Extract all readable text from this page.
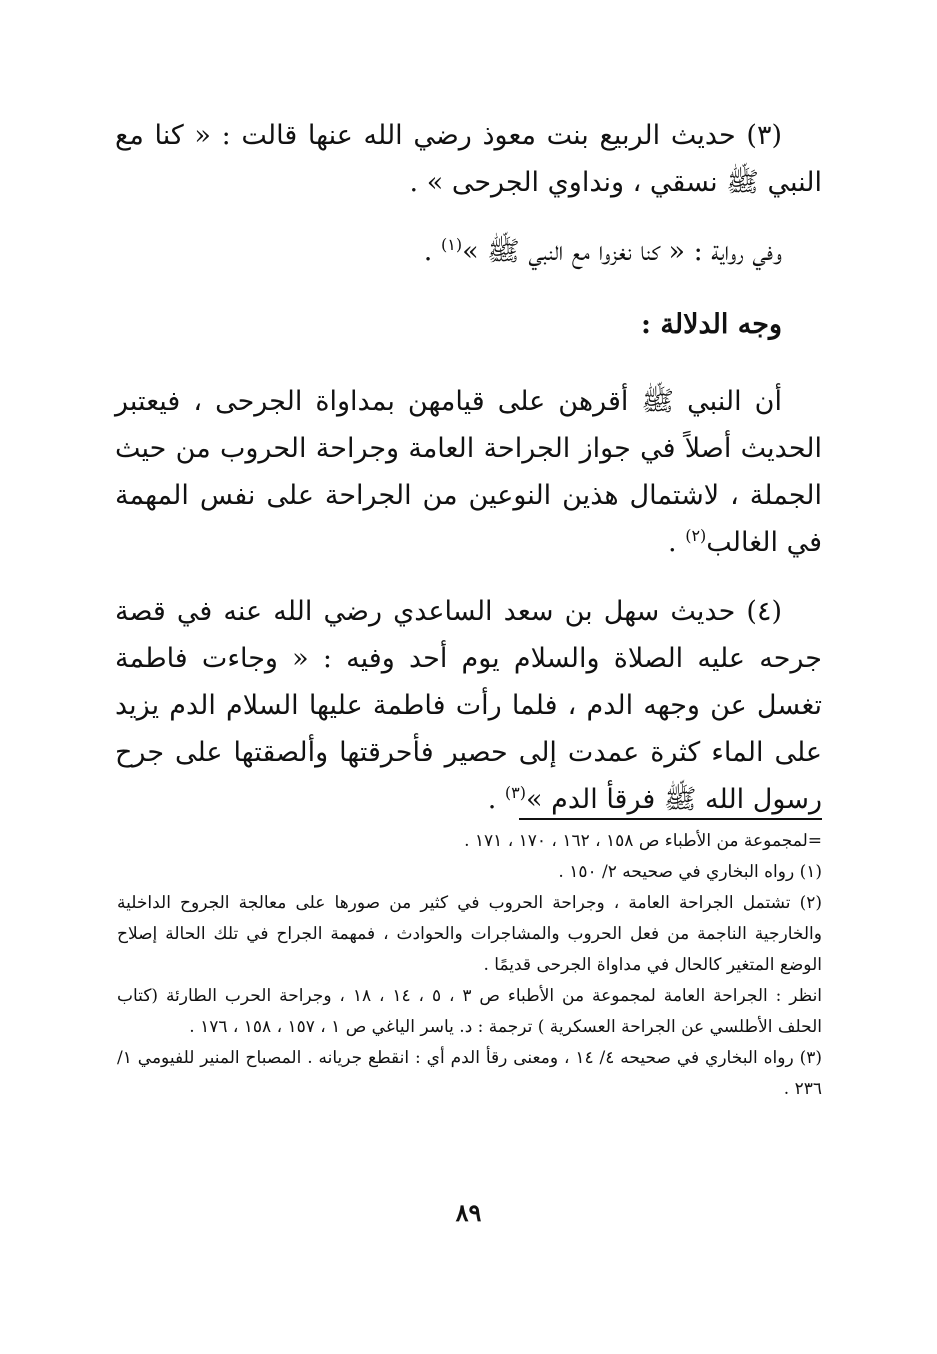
(٣) حديث الربيع بنت معوذ رضي الله عنها قالت : « كنا مع النبي ﷺ نسقي ، ونداوي الجرحى » .

وفي رواية : « كنا نغزوا مع النبي ﷺ »$^{(١)}$ .

وجه الدلالة :

أن النبي ﷺ أقرهن على قيامهن بمداواة الجرحى ، فيعتبر الحديث أصلاً في جواز الجراحة العامة وجراحة الحروب من حيث الجملة ، لاشتمال هذين النوعين من الجراحة على نفس المهمة في الغالب$^{(٢)}$ .

(٤) حديث سهل بن سعد الساعدي رضي الله عنه في قصة جرحه عليه الصلاة والسلام يوم أحد وفيه : « وجاءت فاطمة تغسل عن وجهه الدم ، فلما رأت فاطمة عليها السلام الدم يزيد على الماء كثرة عمدت إلى حصير فأحرقتها وألصقتها على جرح رسول الله ﷺ فرقأ الدم »$^{(٣)}$ .

=لمجموعة من الأطباء ص ١٥٨ ، ١٦٢ ، ١٧٠ ، ١٧١ .

(١) رواه البخاري في صحيحه ٢/ ١٥٠ .

(٢) تشتمل الجراحة العامة ، وجراحة الحروب في كثير من صورها على معالجة الجروح الداخلية والخارجية الناجمة من فعل الحروب والمشاجرات والحوادث ، فمهمة الجراح في تلك الحالة إصلاح الوضع المتغير كالحال في مداواة الجرحى قديمًا .

انظر : الجراحة العامة لمجموعة من الأطباء ص ٣ ، ٥ ، ١٤ ، ١٨ ، وجراحة الحرب الطارئة (كتاب الحلف الأطلسي عن الجراحة العسكرية ) ترجمة : د. ياسر الياغي ص ١ ، ١٥٧ ، ١٥٨ ، ١٧٦ .

(٣) رواه البخاري في صحيحه ٤/ ١٤ ، ومعنى رقأ الدم أي : انقطع جريانه . المصباح المنير للفيومي ١/ ٢٣٦ .

٨٩
